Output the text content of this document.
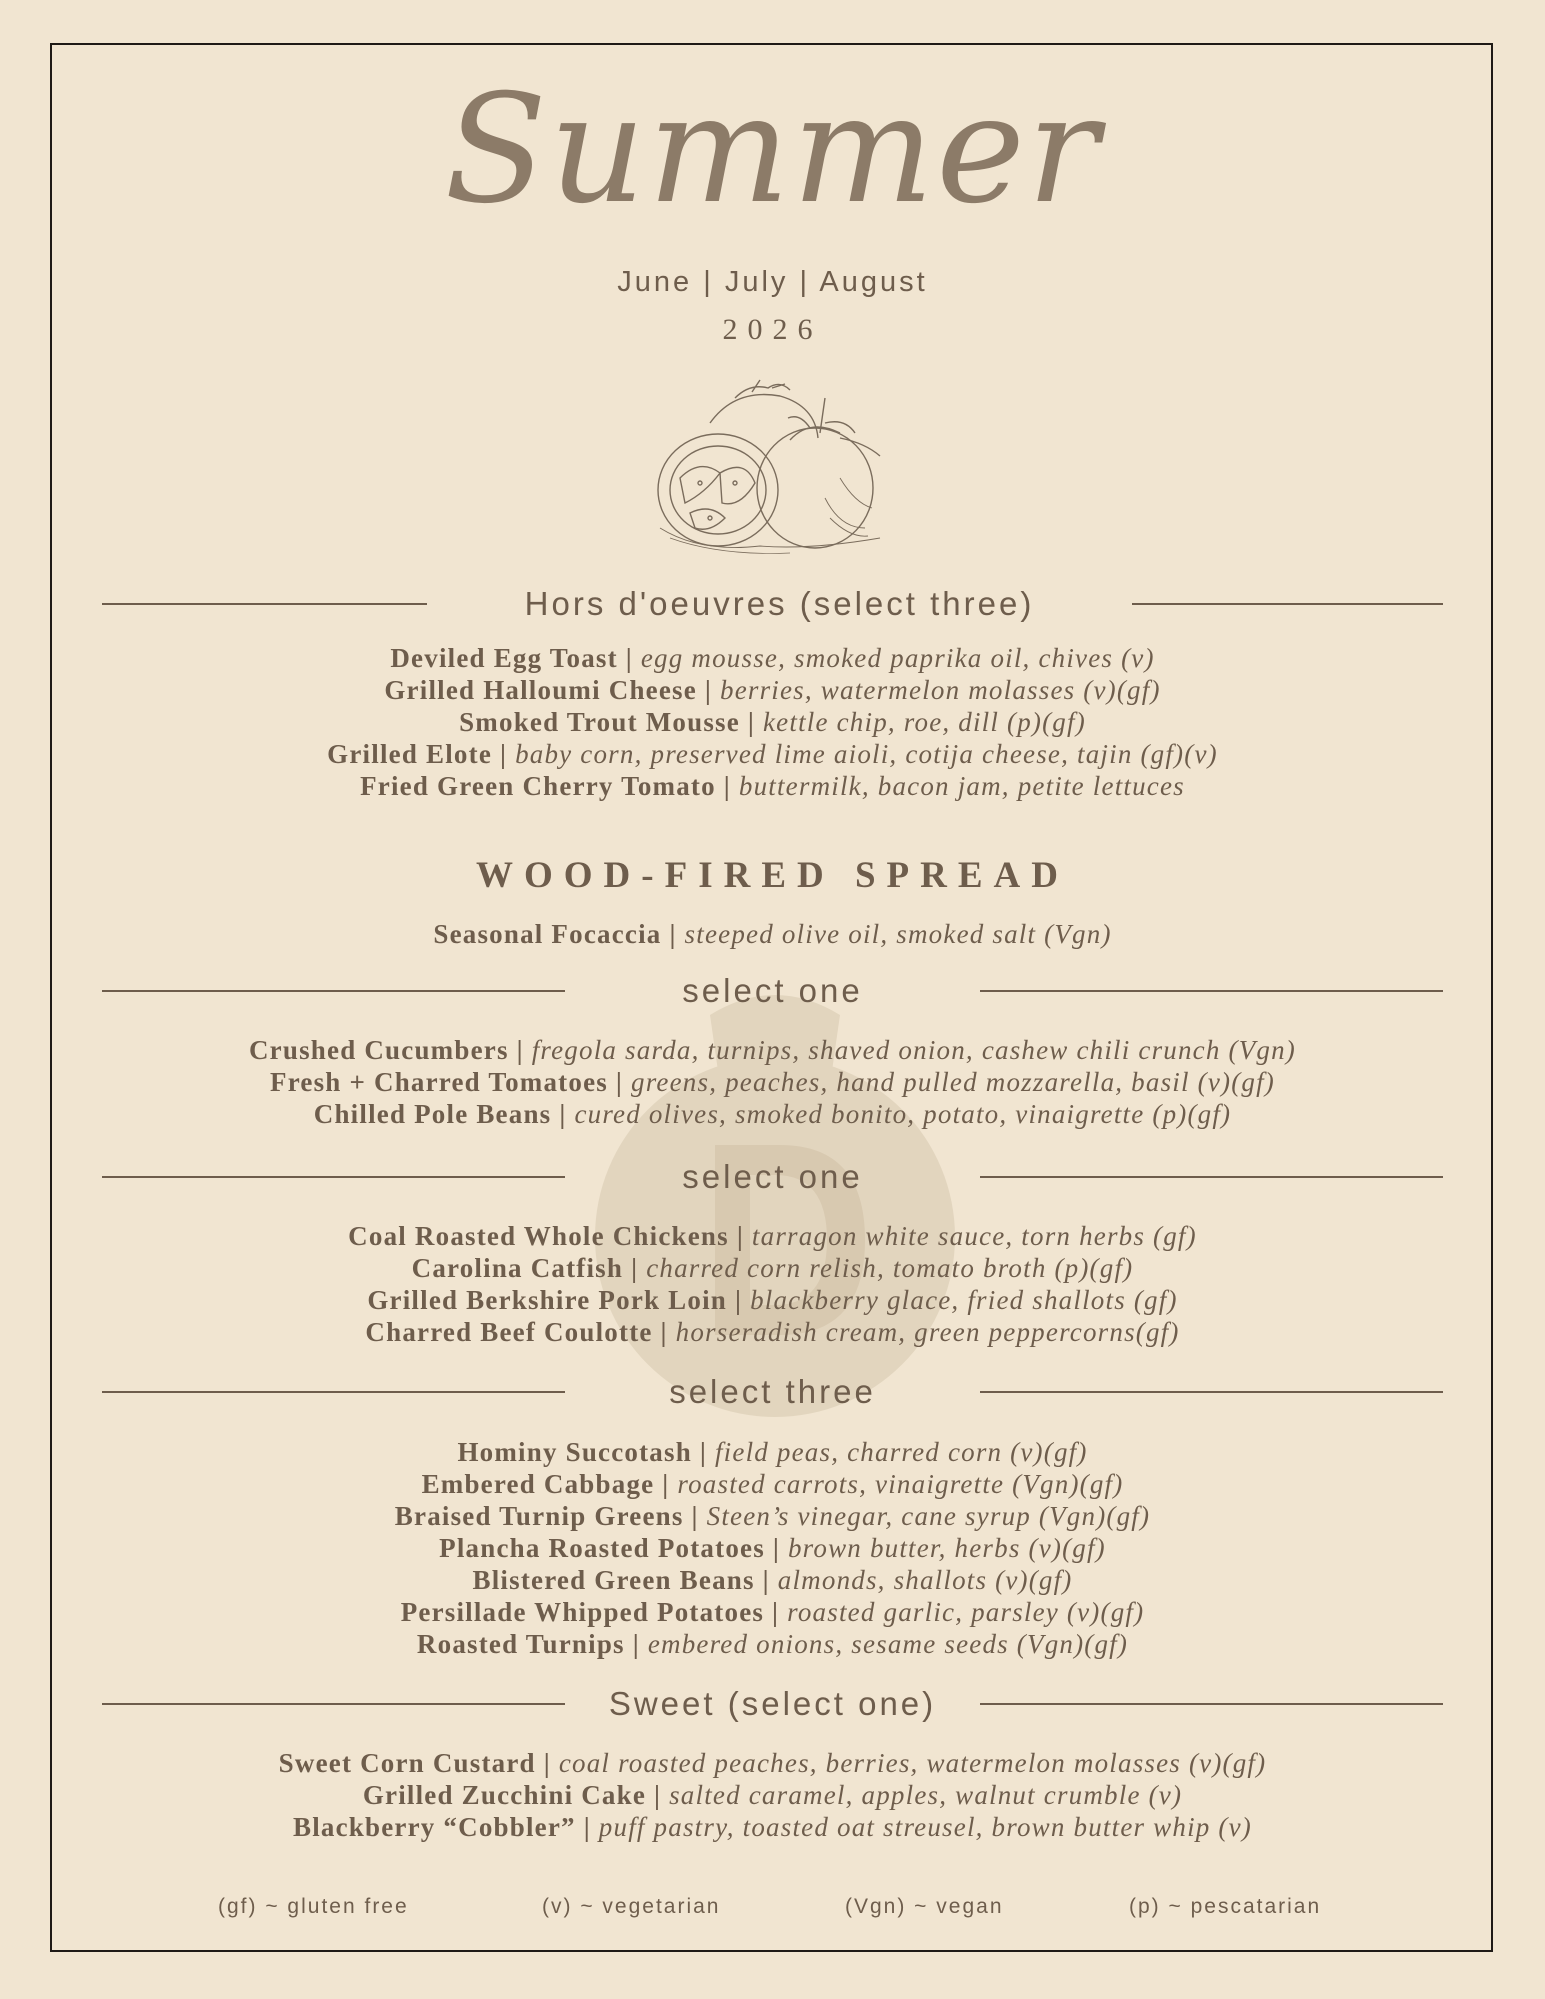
Summer
June | July | August
2026
Hors d'oeuvres (select three)
Deviled Egg Toast | egg mousse, smoked paprika oil, chives (v)
Grilled Halloumi Cheese | berries, watermelon molasses (v)(gf)
Smoked Trout Mousse | kettle chip, roe, dill (p)(gf)
Grilled Elote | baby corn, preserved lime aioli, cotija cheese, tajin (gf)(v)
Fried Green Cherry Tomato | buttermilk, bacon jam, petite lettuces
WOOD-FIRED SPREAD
Seasonal Focaccia | steeped olive oil, smoked salt (Vgn)
select one
Crushed Cucumbers | fregola sarda, turnips, shaved onion, cashew chili crunch (Vgn)
Fresh + Charred Tomatoes | greens, peaches, hand pulled mozzarella, basil (v)(gf)
Chilled Pole Beans | cured olives, smoked bonito, potato, vinaigrette (p)(gf)
select one
Coal Roasted Whole Chickens | tarragon white sauce, torn herbs (gf)
Carolina Catfish | charred corn relish, tomato broth (p)(gf)
Grilled Berkshire Pork Loin | blackberry glace, fried shallots (gf)
Charred Beef Coulotte | horseradish cream, green peppercorns(gf)
select three
Hominy Succotash | field peas, charred corn (v)(gf)
Embered Cabbage | roasted carrots, vinaigrette (Vgn)(gf)
Braised Turnip Greens | Steen’s vinegar, cane syrup (Vgn)(gf)
Plancha Roasted Potatoes | brown butter, herbs (v)(gf)
Blistered Green Beans | almonds, shallots (v)(gf)
Persillade Whipped Potatoes | roasted garlic, parsley (v)(gf)
Roasted Turnips | embered onions, sesame seeds (Vgn)(gf)
Sweet (select one)
Sweet Corn Custard | coal roasted peaches, berries, watermelon molasses (v)(gf)
Grilled Zucchini Cake | salted caramel, apples, walnut crumble (v)
Blackberry “Cobbler” | puff pastry, toasted oat streusel, brown butter whip (v)
(gf) ~ gluten free	(v) ~ vegetarian	(Vgn) ~ vegan	(p) ~ pescatarian
